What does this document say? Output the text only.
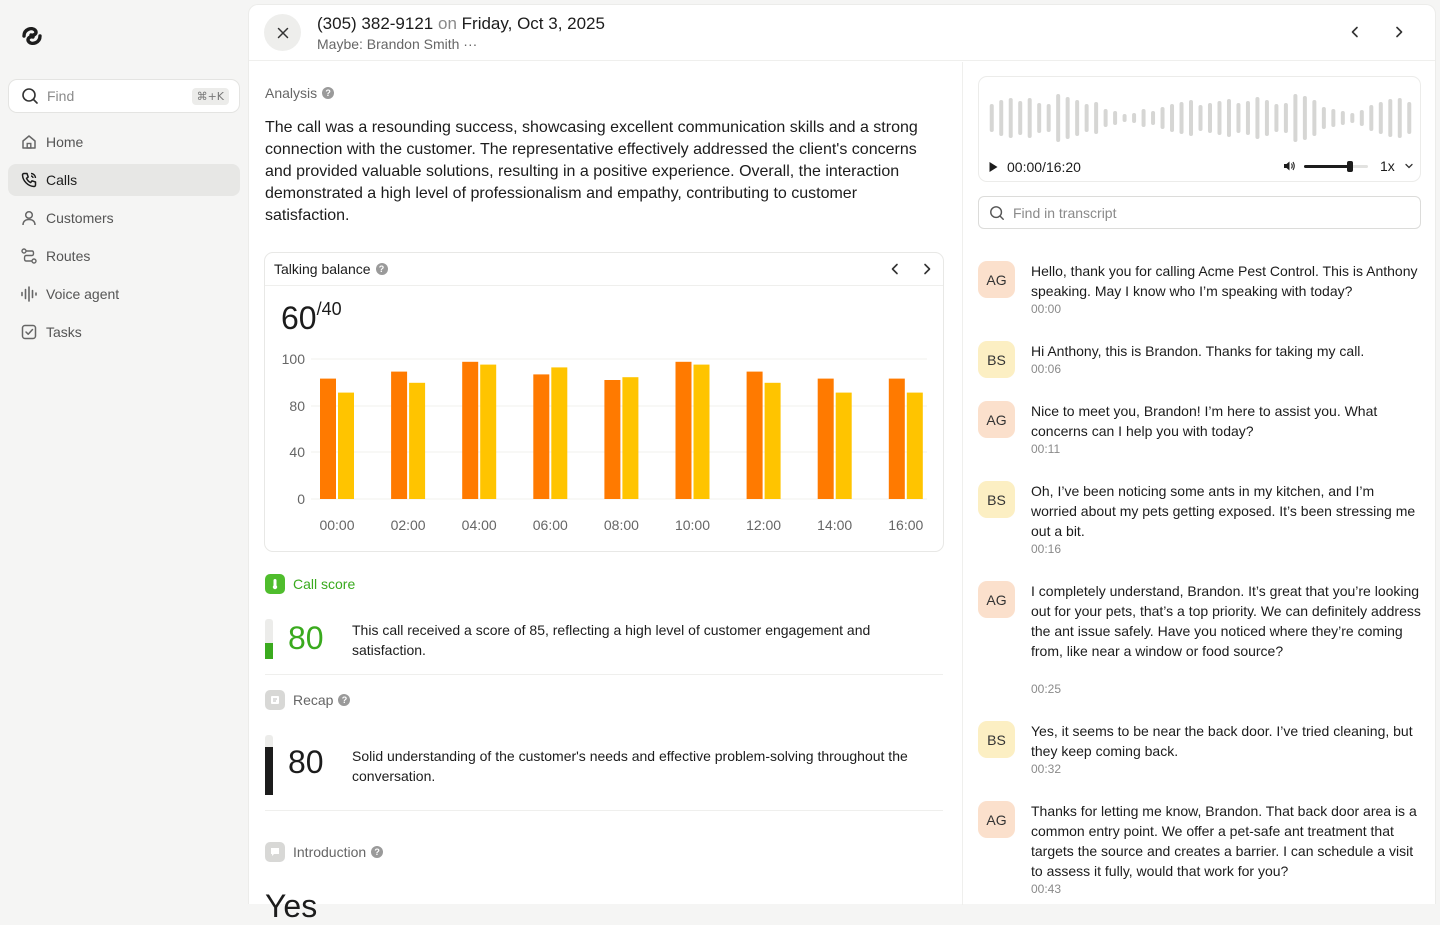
Find	⌘+K
Home
Calls
Customers
Routes
Voice agent
Tasks
(305) 382-9121 on Friday, Oct 3, 2025
Maybe: Brandon Smith ···
Analysis ?
The call was a resounding success, showcasing excellent communication skills and a strong connection with the customer. The representative effectively addressed the client's concerns and provided valuable solutions, resulting in a positive experience. Overall, the interaction demonstrated a high level of professionalism and empathy, contributing to customer satisfaction.
Talking balance ?
$60^{/40}$
100
80
40
0
00:00	02:00	04:00	06:00	08:00	10:00	12:00	14:00	16:00
Call score
80 This call received a score of 85, reflecting a high level of customer engagement and satisfaction.
Recap ?
80 Solid understanding of the customer's needs and effective problem-solving throughout the conversation.
Introduction ?
Yes
00:00/16:20	1x
Find in transcript
AG
Hello, thank you for calling Acme Pest Control. This is Anthony speaking. May I know who I’m speaking with today?
00:00
BS
Hi Anthony, this is Brandon. Thanks for taking my call.
00:06
AG
Nice to meet you, Brandon! I’m here to assist you. What concerns can I help you with today?
00:11
BS
Oh, I’ve been noticing some ants in my kitchen, and I’m worried about my pets getting exposed. It’s been stressing me out a bit.
00:16
AG
I completely understand, Brandon. It’s great that you’re looking out for your pets, that’s a top priority. We can definitely address the ant issue safely. Have you noticed where they’re coming from, like near a window or food source?
00:25
BS
Yes, it seems to be near the back door. I’ve tried cleaning, but they keep coming back.
00:32
AG
Thanks for letting me know, Brandon. That back door area is a common entry point. We offer a pet-safe ant treatment that targets the source and creates a barrier. I can schedule a visit to assess it fully, would that work for you?
00:43
